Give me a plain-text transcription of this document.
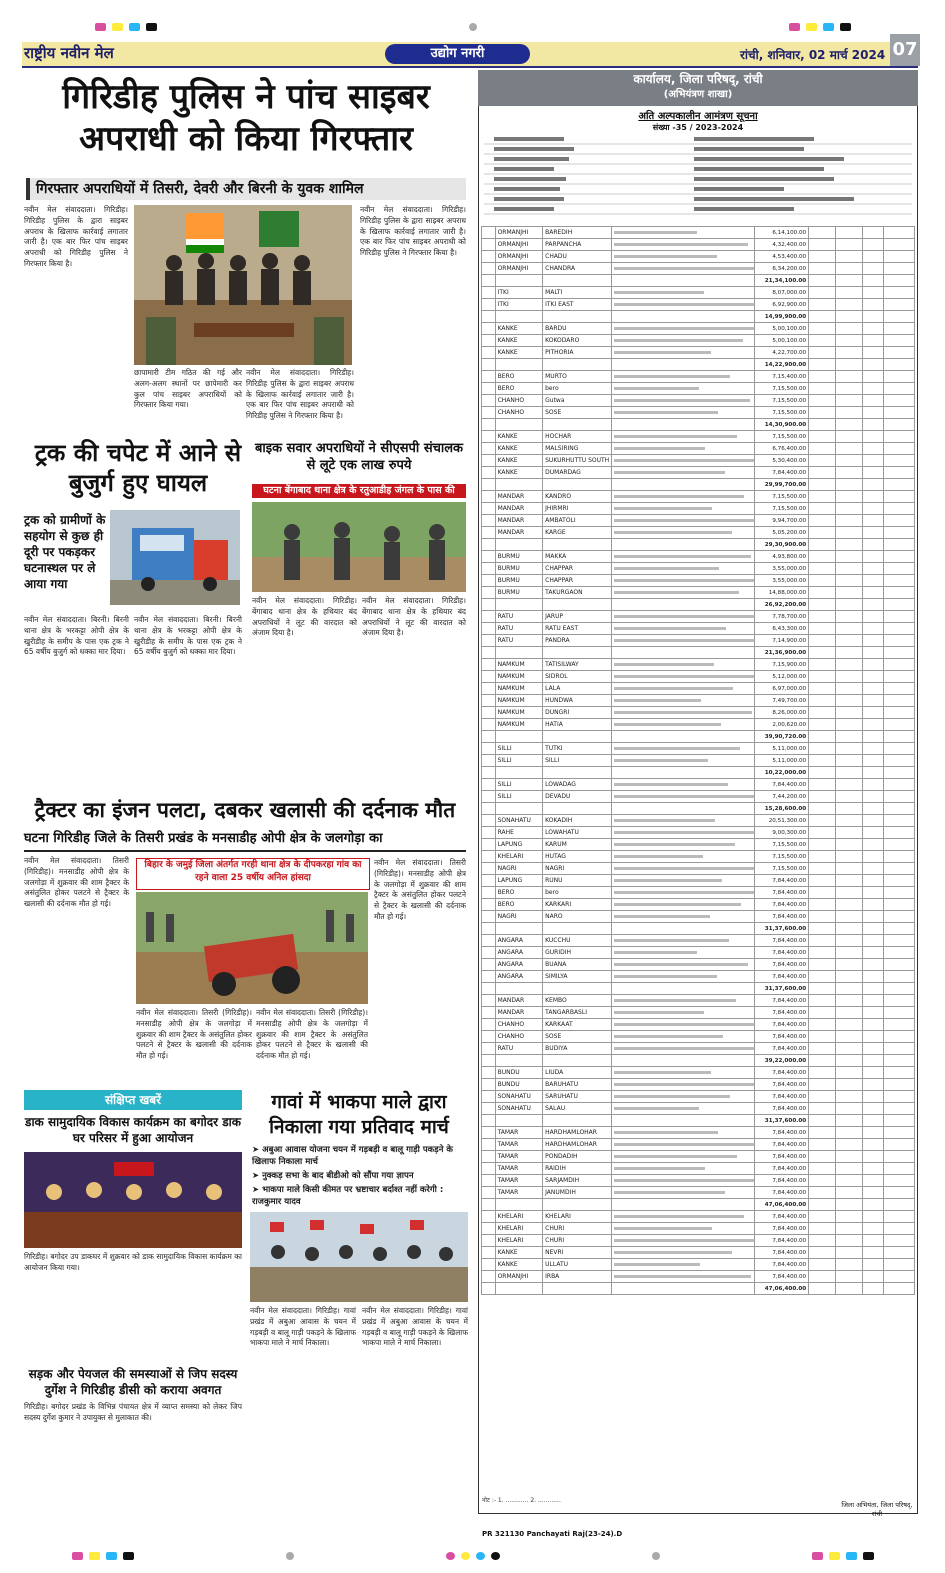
राष्ट्रीय नवीन मेल	उद्योग नगरी	रांची, शनिवार, 02 मार्च 2024 07
गिरिडीह पुलिस ने पांच साइबर अपराधी को किया गिरफ्तार
गिरफ्तार अपराधियों में तिसरी, देवरी और बिरनी के युवक शामिल
नवीन मेल संवाददाता। गिरिडीह। गिरिडीह पुलिस के द्वारा साइबर अपराध के खिलाफ कार्रवाई लगातार जारी है। एक बार फिर पांच साइबर अपराधी को गिरिडीह पुलिस ने गिरफ्तार किया है।
छापामारी टीम गठित की गई और अलग-अलग स्थानों पर छापेमारी कर कुल पांच साइबर अपराधियों को गिरफ्तार किया गया।
नवीन मेल संवाददाता। गिरिडीह। गिरिडीह पुलिस के द्वारा साइबर अपराध के खिलाफ कार्रवाई लगातार जारी है। एक बार फिर पांच साइबर अपराधी को गिरिडीह पुलिस ने गिरफ्तार किया है।
नवीन मेल संवाददाता। गिरिडीह। गिरिडीह पुलिस के द्वारा साइबर अपराध के खिलाफ कार्रवाई लगातार जारी है। एक बार फिर पांच साइबर अपराधी को गिरिडीह पुलिस ने गिरफ्तार किया है।
ट्रक की चपेट में आने से बुजुर्ग हुए घायल
ट्रक को ग्रामीणों के सहयोग से कुछ ही दूरी पर पकड़कर घटनास्थल पर ले आया गया
नवीन मेल संवाददाता। बिरनी। बिरनी थाना क्षेत्र के भरकट्टा ओपी क्षेत्र के खुरीडीह के समीप के पास एक ट्रक ने 65 वर्षीय बुजुर्ग को धक्का मार दिया।
नवीन मेल संवाददाता। बिरनी। बिरनी थाना क्षेत्र के भरकट्टा ओपी क्षेत्र के खुरीडीह के समीप के पास एक ट्रक ने 65 वर्षीय बुजुर्ग को धक्का मार दिया।
बाइक सवार अपराधियों ने सीएसपी संचालक से लूटे एक लाख रुपये
घटना बेंगाबाद थाना क्षेत्र के रतुआडीह जंगल के पास की
नवीन मेल संवाददाता। गिरिडीह। बेंगाबाद थाना क्षेत्र के हथियार बंद अपराधियों ने लूट की वारदात को अंजाम दिया है।
नवीन मेल संवाददाता। गिरिडीह। बेंगाबाद थाना क्षेत्र के हथियार बंद अपराधियों ने लूट की वारदात को अंजाम दिया है।
ट्रैक्टर का इंजन पलटा, दबकर खलासी की दर्दनाक मौत
घटना गिरिडीह जिले के तिसरी प्रखंड के मनसाडीह ओपी क्षेत्र के जलगोड़ा का
नवीन मेल संवाददाता। तिसरी (गिरिडीह)। मनसाडीह ओपी क्षेत्र के जलगोड़ा में शुक्रवार की शाम ट्रैक्टर के असंतुलित होकर पलटने से ट्रैक्टर के खलासी की दर्दनाक मौत हो गई।
बिहार के जमुई जिला अंतर्गत गरही थाना क्षेत्र के दीपकरहा गांव का रहने वाला 25 वर्षीय अनिल हांसदा
नवीन मेल संवाददाता। तिसरी (गिरिडीह)। मनसाडीह ओपी क्षेत्र के जलगोड़ा में शुक्रवार की शाम ट्रैक्टर के असंतुलित होकर पलटने से ट्रैक्टर के खलासी की दर्दनाक मौत हो गई।
नवीन मेल संवाददाता। तिसरी (गिरिडीह)। मनसाडीह ओपी क्षेत्र के जलगोड़ा में शुक्रवार की शाम ट्रैक्टर के असंतुलित होकर पलटने से ट्रैक्टर के खलासी की दर्दनाक मौत हो गई।
नवीन मेल संवाददाता। तिसरी (गिरिडीह)। मनसाडीह ओपी क्षेत्र के जलगोड़ा में शुक्रवार की शाम ट्रैक्टर के असंतुलित होकर पलटने से ट्रैक्टर के खलासी की दर्दनाक मौत हो गई।
संक्षिप्त खबरें
डाक सामुदायिक विकास कार्यक्रम का बगोदर डाक घर परिसर में हुआ आयोजन
गिरिडीह। बगोदर उप डाकघर में शुक्रवार को डाक सामुदायिक विकास कार्यक्रम का आयोजन किया गया।
सड़क और पेयजल की समस्याओं से जिप सदस्य दुर्गेश ने गिरिडीह डीसी को कराया अवगत
गिरिडीह। बगोदर प्रखंड के विभिन्न पंचायत क्षेत्र में व्याप्त समस्या को लेकर जिप सदस्य दुर्गेश कुमार ने उपायुक्त से मुलाकात की।
गावां में भाकपा माले द्वारा निकाला गया प्रतिवाद मार्च
➤ अबुआ आवास योजना चयन में गड़बड़ी व बालू गाड़ी पकड़ने के खिलाफ निकाला मार्च
➤ नुक्कड़ सभा के बाद बीडीओ को सौंपा गया ज्ञापन
➤ भाकपा माले किसी कीमत पर भ्रष्टाचार बर्दाश्त नहीं करेगी : राजकुमार यादव
नवीन मेल संवाददाता। गिरिडीह। गावां प्रखंड में अबुआ आवास के चयन में गड़बड़ी व बालू गाड़ी पकड़ने के खिलाफ भाकपा माले ने मार्च निकाला।
नवीन मेल संवाददाता। गिरिडीह। गावां प्रखंड में अबुआ आवास के चयन में गड़बड़ी व बालू गाड़ी पकड़ने के खिलाफ भाकपा माले ने मार्च निकाला।
कार्यालय, जिला परिषद्, रांची
(अभियंत्रण शाखा)
अति अल्पकालीन आमंत्रण सूचना
संख्या -35 / 2023-2024
	ORMANJHI	BAREDIH		6,14,100.00				
	ORMANJHI	PARPANCHA		4,32,400.00				
	ORMANJHI	CHADU		4,53,400.00				
	ORMANJHI	CHANDRA		6,34,200.00				
				21,34,100.00				
	ITKI	MALTI		8,07,000.00				
	ITKI	ITKI EAST		6,92,900.00				
				14,99,900.00				
	KANKE	BARDU		5,00,100.00				
	KANKE	KOKODARO		5,00,100.00				
	KANKE	PITHORIA		4,22,700.00				
				14,22,900.00				
	BERO	MURTO		7,15,400.00				
	BERO	bero		7,15,500.00				
	CHANHO	Gutwa		7,15,500.00				
	CHANHO	SOSE		7,15,500.00				
				14,30,900.00				
	KANKE	HOCHAR		7,15,500.00				
	KANKE	MALSIRING		6,76,400.00				
	KANKE	SUKURHUTTU SOUTH		5,30,400.00				
	KANKE	DUMARDAG		7,84,400.00				
				29,99,700.00				
	MANDAR	KANDRO		7,15,500.00				
	MANDAR	JHIRMRI		7,15,500.00				
	MANDAR	AMBATOLI		9,94,700.00				
	MANDAR	KARGE		5,05,200.00				
				29,30,900.00				
	BURMU	MAKKA		4,93,800.00				
	BURMU	CHAPPAR		3,55,000.00				
	BURMU	CHAPPAR		3,55,000.00				
	BURMU	TAKURGAON		14,88,000.00				
				26,92,200.00				
	RATU	JARUP		7,78,700.00				
	RATU	RATU EAST		6,43,300.00				
	RATU	PANDRA		7,14,900.00				
				21,36,900.00				
	NAMKUM	TATISILWAY		7,15,900.00				
	NAMKUM	SIDROL		5,12,000.00				
	NAMKUM	LALA		6,97,000.00				
	NAMKUM	HUNDWA		7,49,700.00				
	NAMKUM	DUNGRI		8,26,000.00				
	NAMKUM	HATIA		2,00,620.00				
				39,90,720.00				
	SILLI	TUTKI		5,11,000.00				
	SILLI	SILLI		5,11,000.00				
				10,22,000.00				
	SILLI	LOWADAG		7,84,400.00				
	SILLI	DEVADU		7,44,200.00				
				15,28,600.00				
	SONAHATU	KOKADIH		20,51,300.00				
	RAHE	LOWAHATU		9,00,300.00				
	LAPUNG	KARUM		7,15,500.00				
	KHELARI	HUTAG		7,15,500.00				
	NAGRI	NAGRI		7,15,500.00				
	LAPUNG	RUNU		7,84,400.00				
	BERO	bero		7,84,400.00				
	BERO	KARKARI		7,84,400.00				
	NAGRI	NARO		7,84,400.00				
				31,37,600.00				
	ANGARA	KUCCHU		7,84,400.00				
	ANGARA	GURIDIH		7,84,400.00				
	ANGARA	BUANA		7,84,400.00				
	ANGARA	SIMILYA		7,84,400.00				
				31,37,600.00				
	MANDAR	KEMBO		7,84,400.00				
	MANDAR	TANGARBASLI		7,84,400.00				
	CHANHO	KARKAAT		7,84,400.00				
	CHANHO	SOSE		7,84,400.00				
	RATU	BUDIYA		7,84,400.00				
				39,22,000.00				
	BUNDU	LIUDA		7,84,400.00				
	BUNDU	BARUHATU		7,84,400.00				
	SONAHATU	SARUHATU		7,84,400.00				
	SONAHATU	SALAU		7,84,400.00				
				31,37,600.00				
	TAMAR	HARDHAMLOHAR		7,84,400.00				
	TAMAR	HARDHAMLOHAR		7,84,400.00				
	TAMAR	PONDADIH		7,84,400.00				
	TAMAR	RAIDIH		7,84,400.00				
	TAMAR	SARJAMDIH		7,84,400.00				
	TAMAR	JANUMDIH		7,84,400.00				
				47,06,400.00				
	KHELARI	KHELARI		7,84,400.00				
	KHELARI	CHURI		7,84,400.00				
	KHELARI	CHURI		7,84,400.00				
	KANKE	NEVRI		7,84,400.00				
	KANKE	ULLATU		7,84,400.00				
	ORMANJHI	IRBA		7,84,400.00				
				47,06,400.00				
नोट :- 1. ............ 2. ............
PR 321130 Panchayati Raj(23-24).D
जिला अभियंता, जिला परिषद्, रांची
